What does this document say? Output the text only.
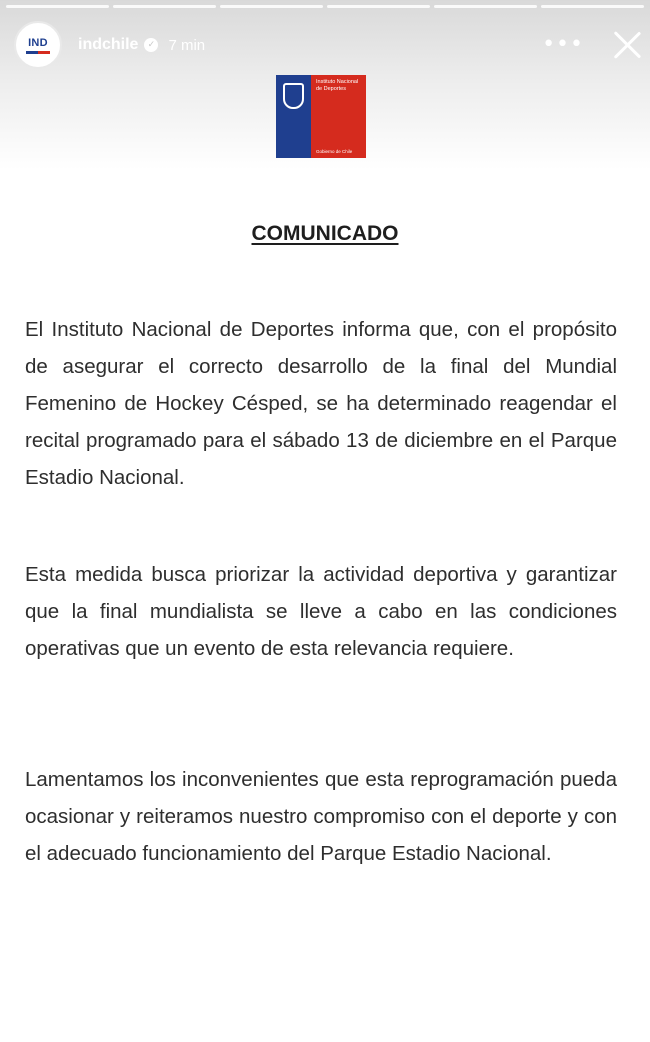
IND indchile	✓ 7 min	•••
Instituto Nacional de Deportes
Gobierno de Chile
COMUNICADO

El Instituto Nacional de Deportes informa que, con el propósito de asegurar el correcto desarrollo de la final del Mundial Femenino de Hockey Césped, se ha determinado reagendar el recital programado para el sábado 13 de diciembre en el Parque Estadio Nacional.

Esta medida busca priorizar la actividad deportiva y garantizar que la final mundialista se lleve a cabo en las condiciones operativas que un evento de esta relevancia requiere.

Lamentamos los inconvenientes que esta reprogramación pueda ocasionar y reiteramos nuestro compromiso con el deporte y con el adecuado funcionamiento del Parque Estadio Nacional.
